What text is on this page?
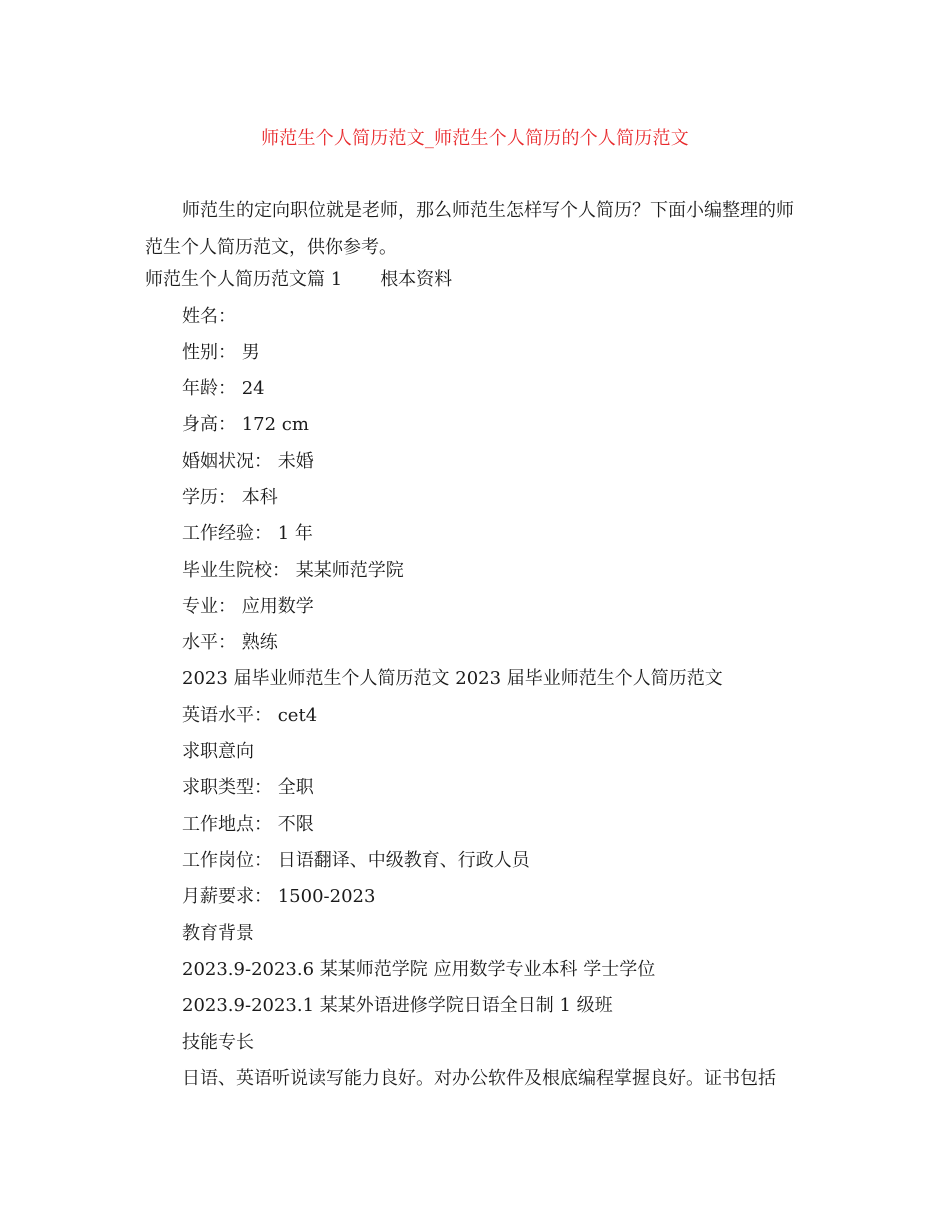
师范生个人简历范文_师范生个人简历的个人简历范文
师范生的定向职位就是老师，那么师范生怎样写个人简历？下面小编整理的师范生个人简历范文，供你参考。
师范生个人简历范文篇 1 根本资料
姓名：
性别： 男
年龄： 24
身高： 172 cm
婚姻状况： 未婚
学历： 本科
工作经验： 1 年
毕业生院校： 某某师范学院
专业： 应用数学
水平： 熟练
2023 届毕业师范生个人简历范文 2023 届毕业师范生个人简历范文
英语水平： cet4
求职意向
求职类型： 全职
工作地点： 不限
工作岗位： 日语翻译、中级教育、行政人员
月薪要求： 1500-2023
教育背景
2023.9-2023.6 某某师范学院 应用数学专业本科 学士学位
2023.9-2023.1 某某外语进修学院日语全日制 1 级班
技能专长
日语、英语听说读写能力良好。对办公软件及根底编程掌握良好。证书包括
